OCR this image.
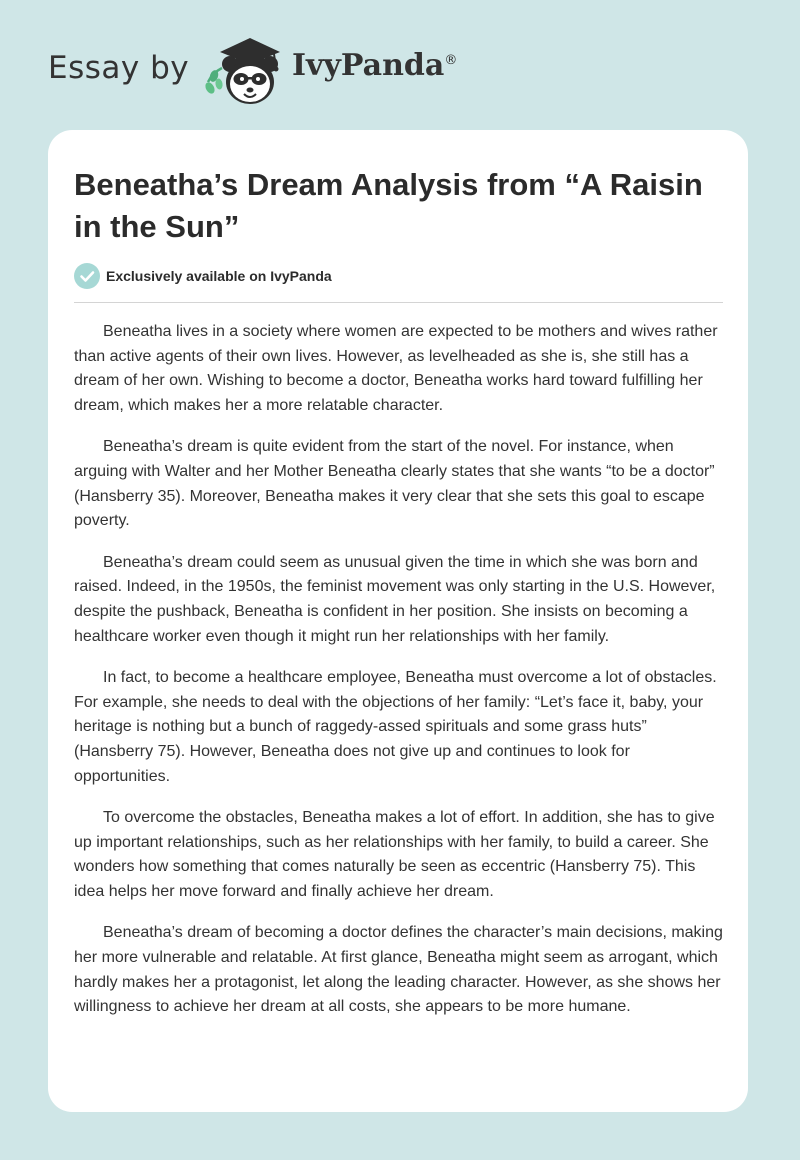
Essay by	IvyPanda®
Beneatha’s Dream Analysis from “A Raisin in the Sun”
Exclusively available on IvyPanda

Beneatha lives in a society where women are expected to be mothers and wives rather than active agents of their own lives. However, as levelheaded as she is, she still has a dream of her own. Wishing to become a doctor, Beneatha works hard toward fulfilling her dream, which makes her a more relatable character.

Beneatha’s dream is quite evident from the start of the novel. For instance, when arguing with Walter and her Mother Beneatha clearly states that she wants “to be a doctor” (Hansberry 35). Moreover, Beneatha makes it very clear that she sets this goal to escape poverty.

Beneatha’s dream could seem as unusual given the time in which she was born and raised. Indeed, in the 1950s, the feminist movement was only starting in the U.S. However, despite the pushback, Beneatha is confident in her position. She insists on becoming a healthcare worker even though it might run her relationships with her family.

In fact, to become a healthcare employee, Beneatha must overcome a lot of obstacles. For example, she needs to deal with the objections of her family: “Let’s face it, baby, your heritage is nothing but a bunch of raggedy-assed spirituals and some grass huts” (Hansberry 75). However, Beneatha does not give up and continues to look for opportunities.

To overcome the obstacles, Beneatha makes a lot of effort. In addition, she has to give up important relationships, such as her relationships with her family, to build a career. She wonders how something that comes naturally be seen as eccentric (Hansberry 75). This idea helps her move forward and finally achieve her dream.

Beneatha’s dream of becoming a doctor defines the character’s main decisions, making her more vulnerable and relatable. At first glance, Beneatha might seem as arrogant, which hardly makes her a protagonist, let along the leading character. However, as she shows her willingness to achieve her dream at all costs, she appears to be more humane.
